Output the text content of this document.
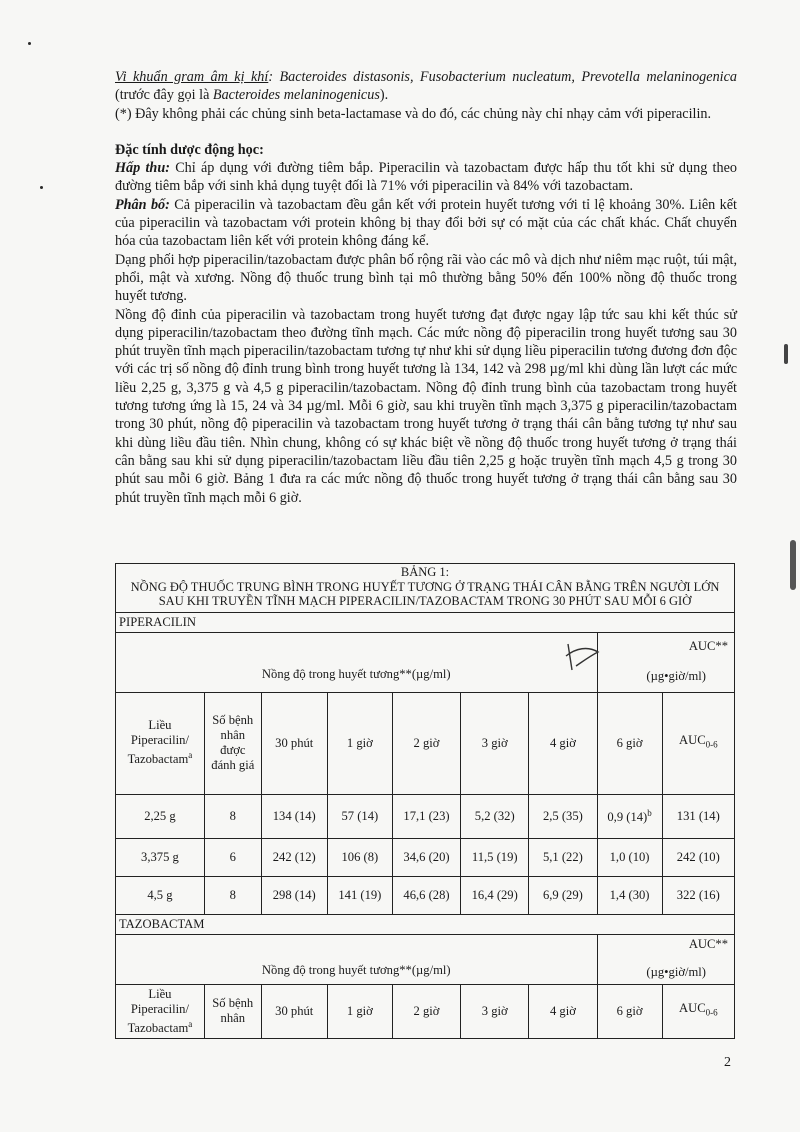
Vi khuẩn gram âm kị khí: Bacteroides distasonis, Fusobacterium nucleatum, Prevotella melaninogenica (trước đây gọi là Bacteroides melaninogenicus).

(*) Đây không phải các chủng sinh beta-lactamase và do đó, các chủng này chỉ nhạy cảm với piperacilin.

Đặc tính dược động học:

Hấp thu: Chỉ áp dụng với đường tiêm bắp. Piperacilin và tazobactam được hấp thu tốt khi sử dụng theo đường tiêm bắp với sinh khả dụng tuyệt đối là 71% với piperacilin và 84% với tazobactam.

Phân bố: Cả piperacilin và tazobactam đều gắn kết với protein huyết tương với tỉ lệ khoảng 30%. Liên kết của piperacilin và tazobactam với protein không bị thay đổi bởi sự có mặt của các chất khác. Chất chuyển hóa của tazobactam liên kết với protein không đáng kể.

Dạng phối hợp piperacilin/tazobactam được phân bố rộng rãi vào các mô và dịch như niêm mạc ruột, túi mật, phổi, mật và xương. Nồng độ thuốc trung bình tại mô thường bằng 50% đến 100% nồng độ thuốc trong huyết tương.

Nồng độ đỉnh của piperacilin và tazobactam trong huyết tương đạt được ngay lập tức sau khi kết thúc sử dụng piperacilin/tazobactam theo đường tĩnh mạch. Các mức nồng độ piperacilin trong huyết tương sau 30 phút truyền tĩnh mạch piperacilin/tazobactam tương tự như khi sử dụng liều piperacilin tương đương đơn độc với các trị số nồng độ đỉnh trung bình trong huyết tương là 134, 142 và 298 µg/ml khi dùng lần lượt các mức liều 2,25 g, 3,375 g và 4,5 g piperacilin/tazobactam. Nồng độ đỉnh trung bình của tazobactam trong huyết tương tương ứng là 15, 24 và 34 µg/ml. Mỗi 6 giờ, sau khi truyền tĩnh mạch 3,375 g piperacilin/tazobactam trong 30 phút, nồng độ piperacilin và tazobactam trong huyết tương ở trạng thái cân bằng tương tự như sau khi dùng liều đầu tiên. Nhìn chung, không có sự khác biệt về nồng độ thuốc trong huyết tương ở trạng thái cân bằng sau khi sử dụng piperacilin/tazobactam liều đầu tiên 2,25 g hoặc truyền tĩnh mạch 4,5 g trong 30 phút sau mỗi 6 giờ. Bảng 1 đưa ra các mức nồng độ thuốc trong huyết tương ở trạng thái cân bằng sau 30 phút truyền tĩnh mạch mỗi 6 giờ.

BẢNG 1:
NỒNG ĐỘ THUỐC TRUNG BÌNH TRONG HUYẾT TƯƠNG Ở TRẠNG THÁI CÂN BẰNG TRÊN NGƯỜI LỚN SAU KHI TRUYỀN TĨNH MẠCH PIPERACILIN/TAZOBACTAM TRONG 30 PHÚT SAU MỖI 6 GIỜ								

PIPERACILIN								
Nồng độ trong huyết tương**(µg/ml)							AUC**
(µg•giờ/ml)	

Liều Piperacilin/ Tazobactam$^a$	Số bệnh nhân được đánh giá	30 phút	1 giờ	2 giờ	3 giờ	4 giờ	6 giờ	$AUC_{0-6}$
2,25 g	8	134 (14)	57 (14)	17,1 (23)	5,2 (32)	2,5 (35)	0,9 $(14)^b$	131 (14)
3,375 g	6	242 (12)	106 (8)	34,6 (20)	11,5 (19)	5,1 (22)	1,0 (10)	242 (10)
4,5 g	8	298 (14)	141 (19)	46,6 (28)	16,4 (29)	6,9 (29)	1,4 (30)	322 (16)
TAZOBACTAM								
Nồng độ trong huyết tương**(µg/ml)							AUC**
(µg•giờ/ml)	

Liều Piperacilin/ Tazobactam$^a$	Số bệnh nhân	30 phút	1 giờ	2 giờ	3 giờ	4 giờ	6 giờ	$AUC_{0-6}$
2
